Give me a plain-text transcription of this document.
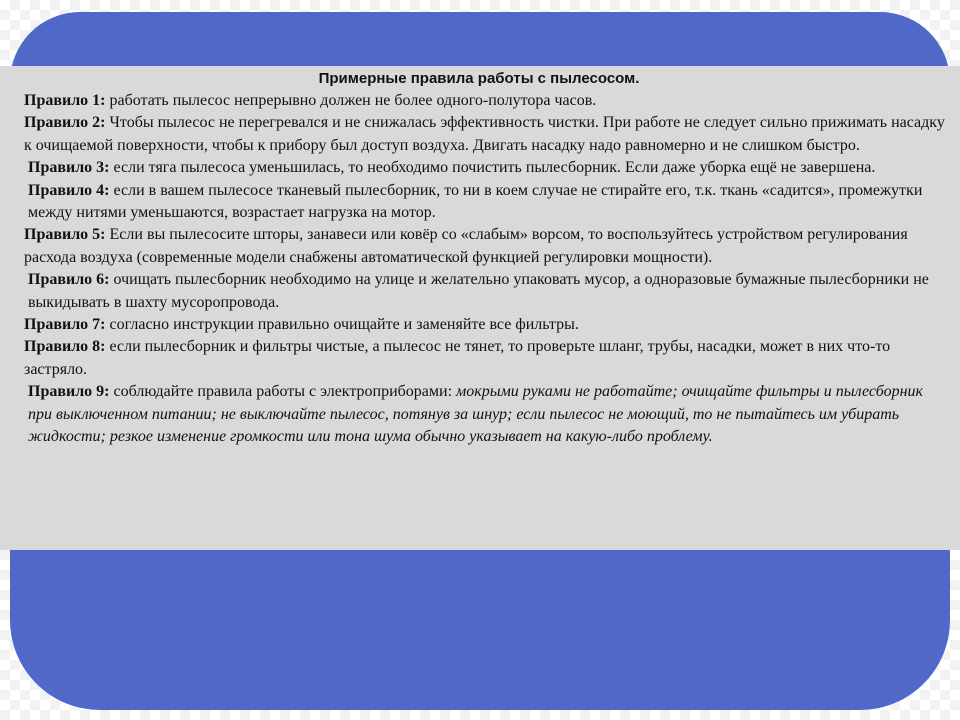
Примерные правила работы с пылесосом.

Правило 1: работать пылесос непрерывно должен не более одного-полутора часов.

Правило 2: Чтобы пылесос не перегревался и не снижалась эффективность чистки. При работе не следует сильно прижимать насадку к очищаемой поверхности, чтобы к прибору был доступ воздуха. Двигать насадку надо равномерно и не слишком быстро.

Правило 3: если тяга пылесоса уменьшилась, то необходимо почистить пылесборник. Если даже уборка ещё не завершена.

Правило 4: если в вашем пылесосе тканевый пылесборник, то ни в коем случае не стирайте его, т.к. ткань «садится», промежутки между нитями уменьшаются, возрастает нагрузка на мотор.

Правило 5: Если вы пылесосите шторы, занавеси или ковёр со «слабым» ворсом, то воспользуйтесь устройством регулирования расхода воздуха (современные модели снабжены автоматической функцией регулировки мощности).

Правило 6: очищать пылесборник необходимо на улице и желательно упаковать мусор, а одноразовые бумажные пылесборники не выкидывать в шахту мусоропровода.

Правило 7: согласно инструкции правильно очищайте и заменяйте все фильтры.

Правило 8: если пылесборник и фильтры чистые, а пылесос не тянет, то проверьте шланг, трубы, насадки, может в них что-то застряло.

Правило 9: соблюдайте правила работы с электроприборами: мокрыми руками не работайте; очищайте фильтры и пылесборник при выключенном питании; не выключайте пылесос, потянув за шнур; если пылесос не моющий, то не пытайтесь им убирать жидкости; резкое изменение громкости или тона шума обычно указывает на какую-либо проблему.
